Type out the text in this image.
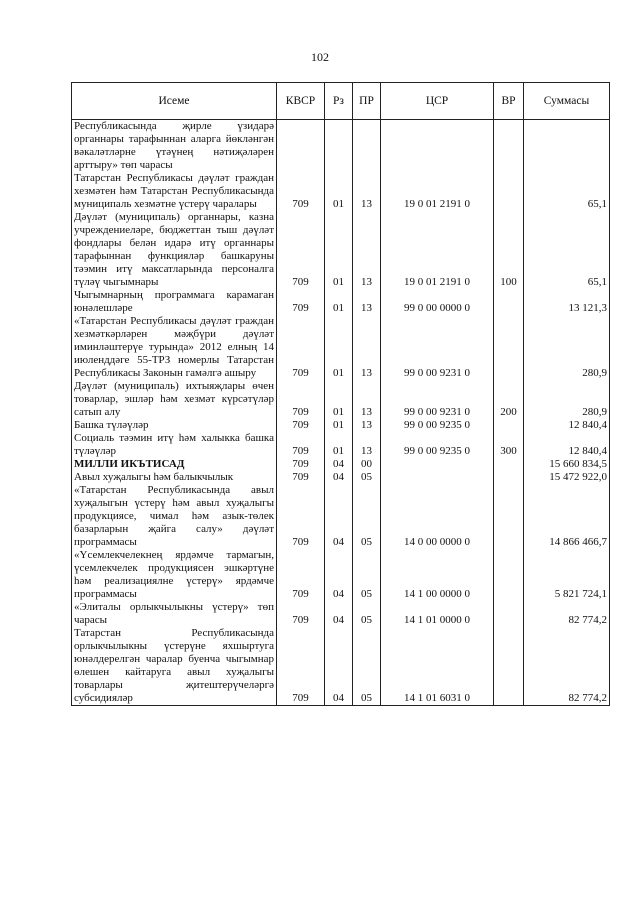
102
Исеме	КВСР	Рз	ПР	ЦСР	ВР	Суммасы
Республикасында җирле үзидарә органнары тарафыннан аларга йөкләнгән вәкаләтләрне үтәүнең нәтиҗәләрен арттыру» төп чарасы						
Татарстан Республикасы дәүләт граждан хезмәтен һәм Татарстан Республикасында муниципаль хезмәтне үстерү чаралары	709	01	13	19 0 01 2191 0		65,1
Дәүләт (муниципаль) органнары, казна учреждениеләре, бюджеттан тыш дәүләт фондлары белән идарә итү органнары тарафыннан функцияләр башкаруны тәэмин итү максатларында персоналга түләү чыгымнары	709	01	13	19 0 01 2191 0	100	65,1
Чыгымнарның программага карамаган юнәлешләре	709	01	13	99 0 00 0000 0		13 121,3
«Татарстан Республикасы дәүләт граждан хезмәткәрләрен мәҗбүри дәүләт иминләштерүе турында» 2012 елның 14 июленддәге 55-ТРЗ номерлы Татарстан Республикасы Законын гамәлгә ашыру	709	01	13	99 0 00 9231 0		280,9
Дәүләт (муниципаль) ихтыяҗлары өчен товарлар, эшләр һәм хезмәт күрсәтүләр сатып алу	709	01	13	99 0 00 9231 0	200	280,9
Башка түләүләр	709	01	13	99 0 00 9235 0		12 840,4
Социаль тәэмин итү һәм халыкка башка түләүләр	709	01	13	99 0 00 9235 0	300	12 840,4
МИЛЛИ ИКЪТИСАД	709	04	00			15 660 834,5
Авыл хуҗалыгы һәм балыкчылык	709	04	05			15 472 922,0
«Татарстан Республикасында авыл хуҗалыгын үстерү һәм авыл хуҗалыгы продукциясе, чимал һәм азык-төлек базарларын җайга салу» дәүләт программасы	709	04	05	14 0 00 0000 0		14 866 466,7
«Үсемлекчелекнең ярдәмче тармагын, үсемлекчелек продукциясен эшкәртүне һәм реализациялне үстерү» ярдәмче программасы	709	04	05	14 1 00 0000 0		5 821 724,1
«Элиталы орлыкчылыкны үстерү» төп чарасы	709	04	05	14 1 01 0000 0		82 774,2
Татарстан Республикасында орлыкчылыкны үстерүне яхшыртуга юнәлдерелгән чаралар буенча чыгымнар өлешен кайтаруга авыл хуҗалыгы товарлары җитештерүчеләргә субсидияләр	709	04	05	14 1 01 6031 0		82 774,2
